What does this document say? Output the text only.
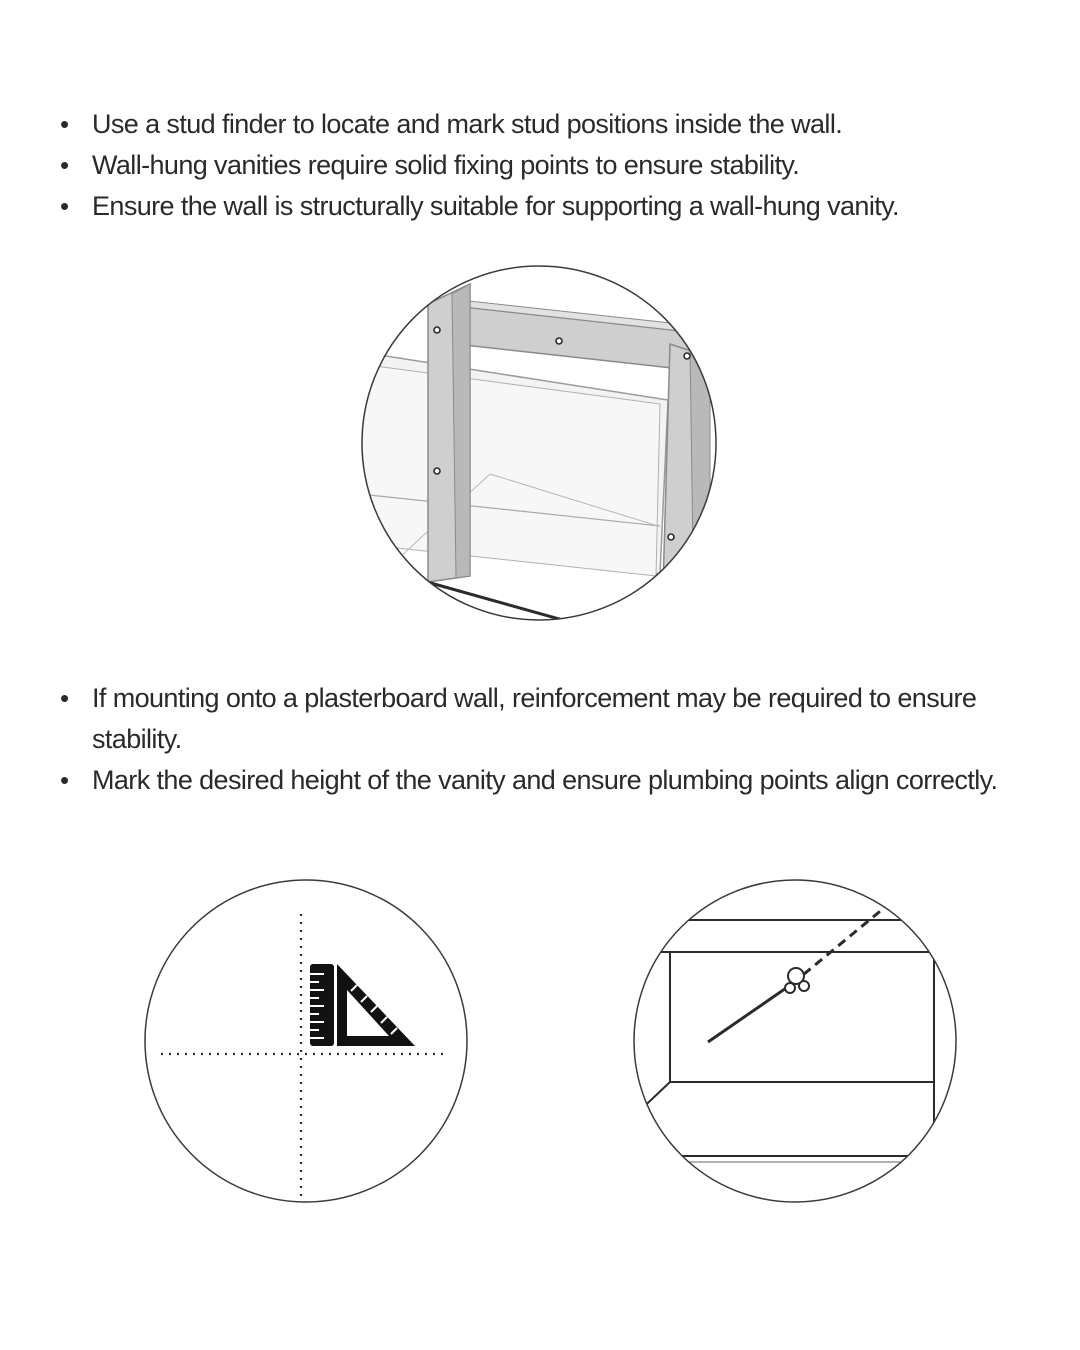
• Use a stud finder to locate and mark stud positions inside the wall.
• Wall-hung vanities require solid fixing points to ensure stability.
• Ensure the wall is structurally suitable for supporting a wall-hung vanity.
• If mounting onto a plasterboard wall, reinforcement may be required to ensure stability.
• Mark the desired height of the vanity and ensure plumbing points align correctly.
